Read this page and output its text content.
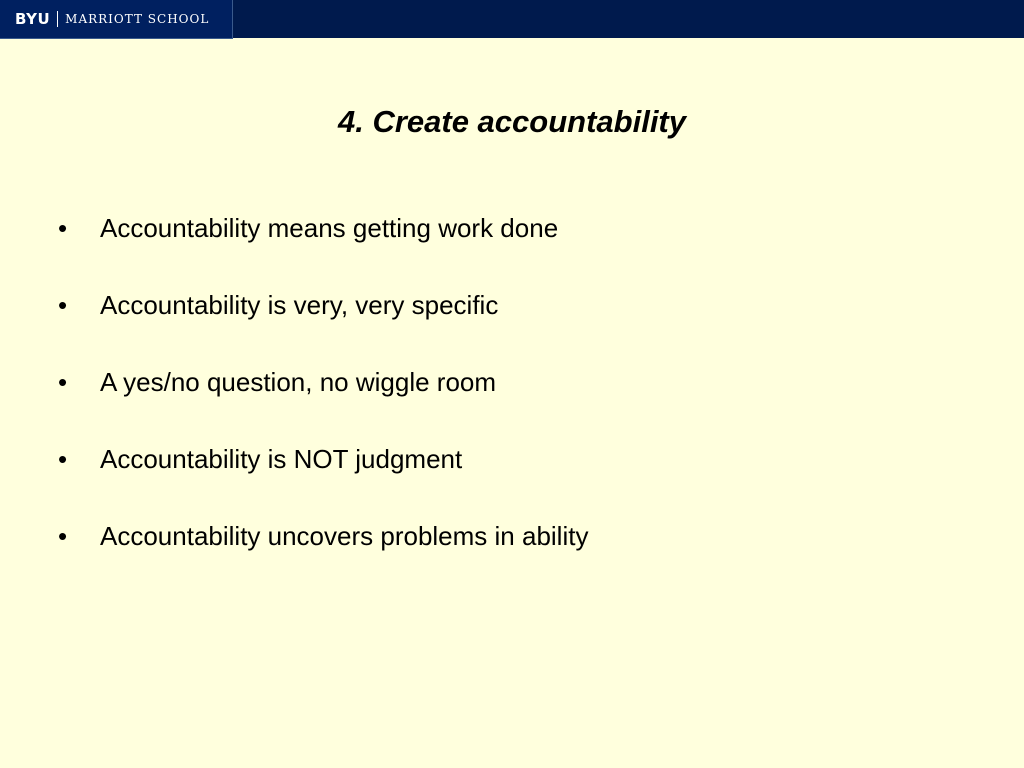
BYU MARRIOTT SCHOOL
4. Create accountability
•	Accountability means getting work done
•	Accountability is very, very specific
•	A yes/no question, no wiggle room
•	Accountability is NOT judgment
•	Accountability uncovers problems in ability
